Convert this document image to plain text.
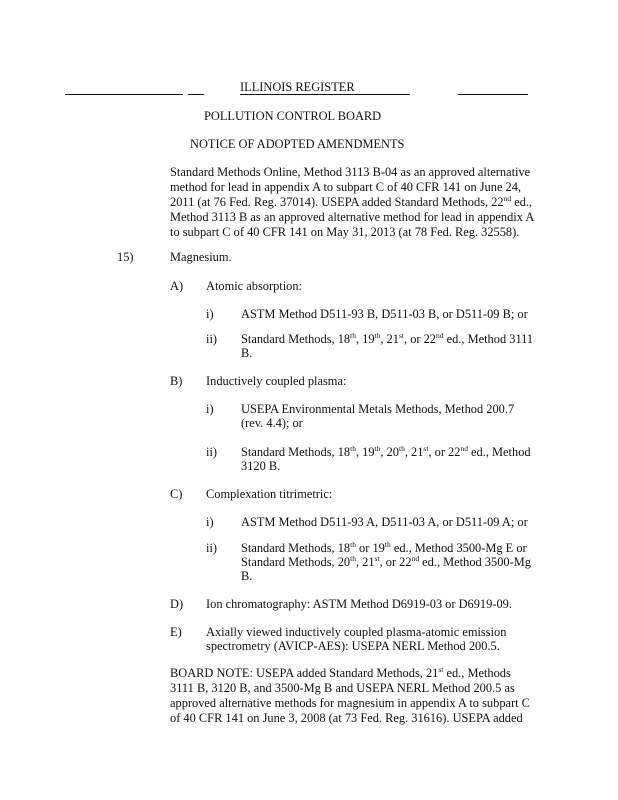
ILLINOIS REGISTER
POLLUTION CONTROL BOARD
NOTICE OF ADOPTED AMENDMENTS
Standard Methods Online, Method 3113 B-04 as an approved alternative
method for lead in appendix A to subpart C of 40 CFR 141 on June 24,
2011 (at 76 Fed. Reg. 37014). USEPA added Standard Methods, 22nd ed.,
Method 3113 B as an approved alternative method for lead in appendix A
to subpart C of 40 CFR 141 on May 31, 2013 (at 78 Fed. Reg. 32558).
15)	Magnesium.
A) Atomic absorption:
i) ASTM Method D511-93 B, D511-03 B, or D511-09 B; or
ii) Standard Methods, 18th, 19th, 21st, or 22nd ed., Method 3111
B.
B) Inductively coupled plasma:
i) USEPA Environmental Metals Methods, Method 200.7
(rev. 4.4); or
ii) Standard Methods, 18th, 19th, 20th, 21st, or 22nd ed., Method
3120 B.
C) Complexation titrimetric:
i) ASTM Method D511-93 A, D511-03 A, or D511-09 A; or
ii) Standard Methods, 18th or 19th ed., Method 3500-Mg E or
Standard Methods, 20th, 21st, or 22nd ed., Method 3500-Mg
B.
D) Ion chromatography: ASTM Method D6919-03 or D6919-09.
E) Axially viewed inductively coupled plasma-atomic emission
spectrometry (AVICP-AES): USEPA NERL Method 200.5.
BOARD NOTE: USEPA added Standard Methods, 21st ed., Methods
3111 B, 3120 B, and 3500-Mg B and USEPA NERL Method 200.5 as
approved alternative methods for magnesium in appendix A to subpart C
of 40 CFR 141 on June 3, 2008 (at 73 Fed. Reg. 31616). USEPA added
